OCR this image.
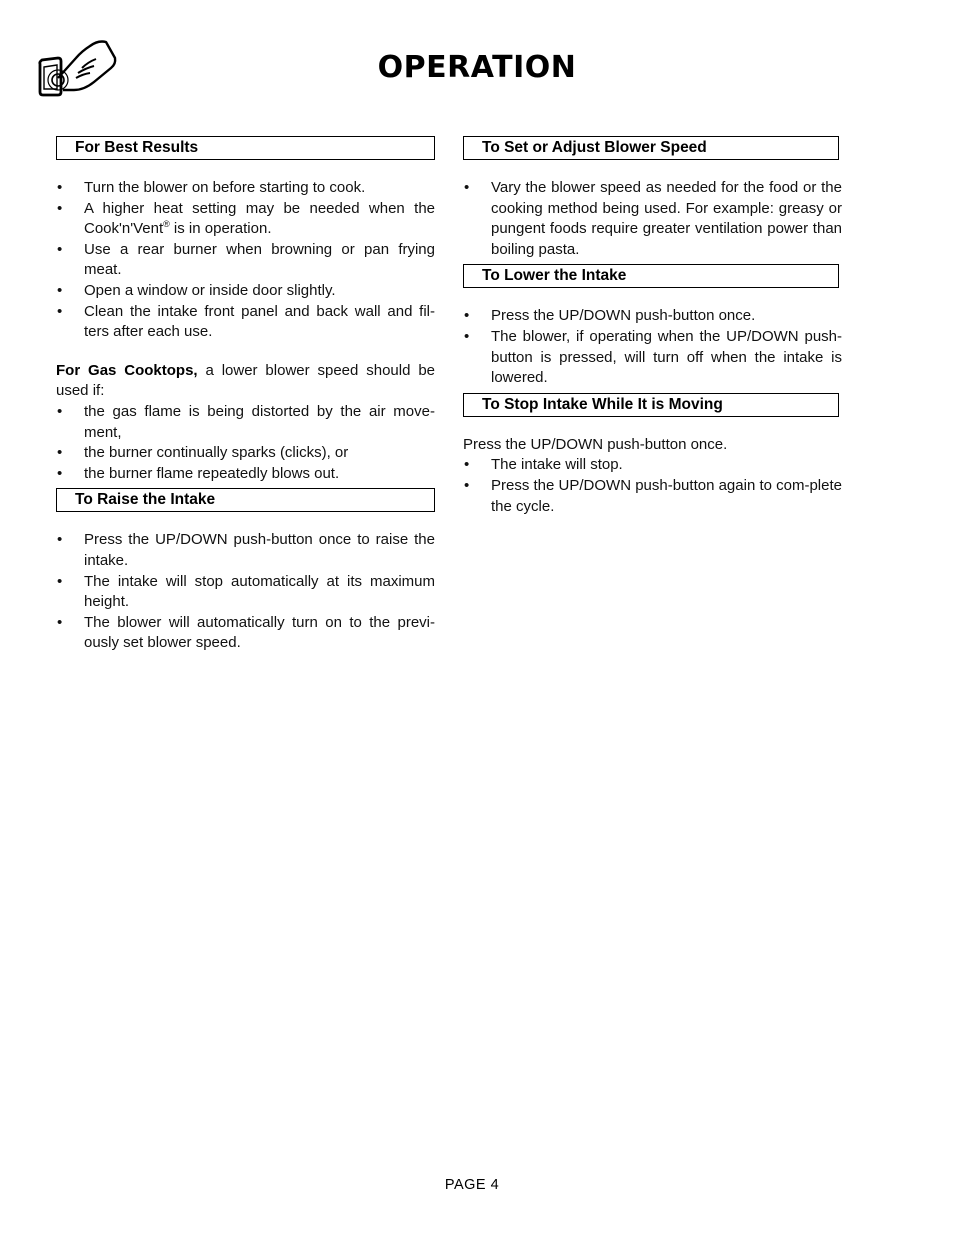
OPERATION
For Best Results
• Turn the blower on before starting to cook.
• A higher heat setting may be needed when the Cook'n'Vent® is in operation.
• Use a rear burner when browning or pan frying meat.
• Open a window or inside door slightly.
• Clean the intake front panel and back wall and fil-ters after each use.

For Gas Cooktops, a lower blower speed should be used if:

• the gas flame is being distorted by the air move-ment,
• the burner continually sparks (clicks), or
• the burner flame repeatedly blows out.
To Raise the Intake
• Press the UP/DOWN push-button once to raise the intake.
• The intake will stop automatically at its maximum height.
• The blower will automatically turn on to the previ-ously set blower speed.
To Set or Adjust Blower Speed
• Vary the blower speed as needed for the food or the cooking method being used. For example: greasy or pungent foods require greater ventilation power than boiling pasta.
To Lower the Intake
• Press the UP/DOWN push-button once.
• The blower, if operating when the UP/DOWN push-button is pressed, will turn off when the intake is lowered.
To Stop Intake While It is Moving

Press the UP/DOWN push-button once.

• The intake will stop.
• Press the UP/DOWN push-button again to com-plete the cycle.
PAGE 4
